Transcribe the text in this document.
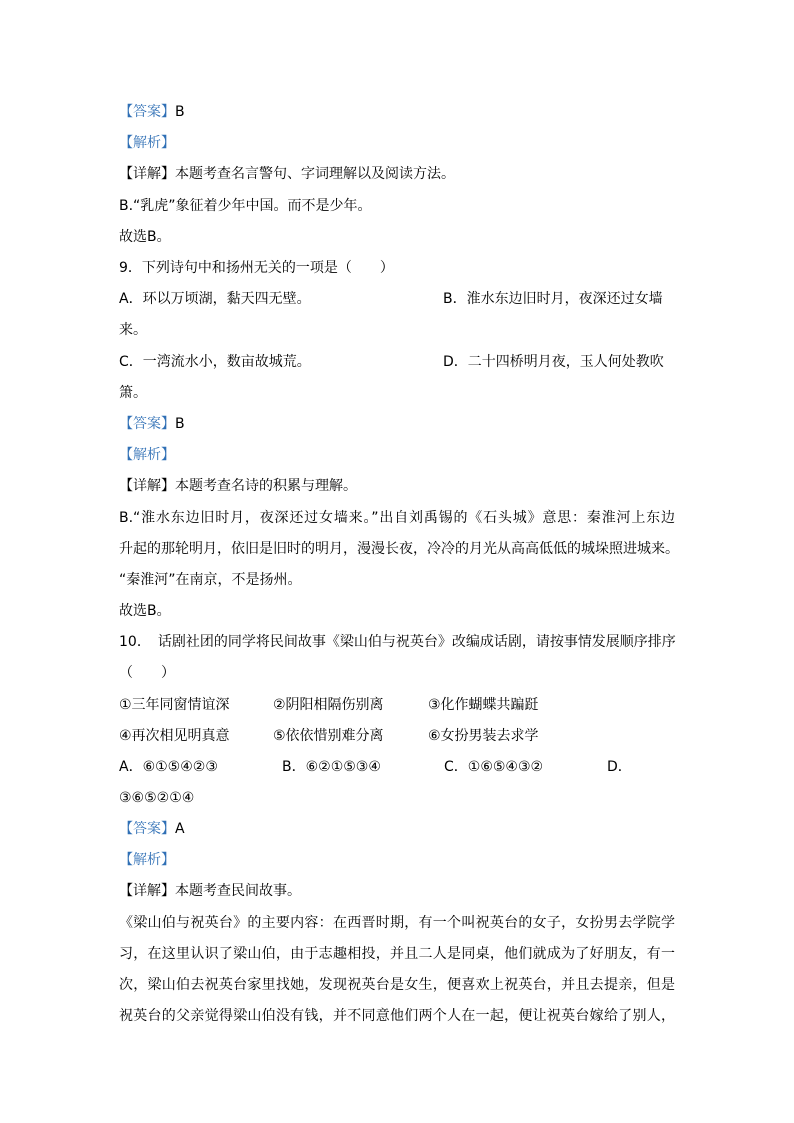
【答案】B
【解析】
【详解】本题考查名言警句、字词理解以及阅读方法。
B.“乳虎”象征着少年中国。而不是少年。
故选B。
9．下列诗句中和扬州无关的一项是（　　）
A．环以万顷湖，黏天四无壁。	B．淮水东边旧时月，夜深还过女墙
来。
C．一湾流水小，数亩故城荒。	D．二十四桥明月夜，玉人何处教吹
箫。
【答案】B
【解析】
【详解】本题考查名诗的积累与理解。
B.“淮水东边旧时月，夜深还过女墙来。”出自刘禹锡的《石头城》意思：秦淮河上东边
升起的那轮明月，依旧是旧时的明月，漫漫长夜，冷冷的月光从高高低低的城垛照进城来。
“秦淮河”在南京，不是扬州。
故选B。
10．　话剧社团的同学将民间故事《梁山伯与祝英台》改编成话剧，请按事情发展顺序排序
（　　）
①三年同窗情谊深	②阴阳相隔伤别离	③化作蝴蝶共蹁跹
④再次相见明真意	⑤依依惜别难分离	⑥女扮男装去求学
A．⑥①⑤④②③	B．⑥②①⑤③④	C．①⑥⑤④③②	D．
③⑥⑤②①④
【答案】A
【解析】
【详解】本题考查民间故事。
《梁山伯与祝英台》的主要内容：在西晋时期，有一个叫祝英台的女子，女扮男去学院学
习，在这里认识了梁山伯，由于志趣相投，并且二人是同桌，他们就成为了好朋友，有一
次，梁山伯去祝英台家里找她，发现祝英台是女生，便喜欢上祝英台，并且去提亲，但是
祝英台的父亲觉得梁山伯没有钱，并不同意他们两个人在一起，便让祝英台嫁给了别人，
